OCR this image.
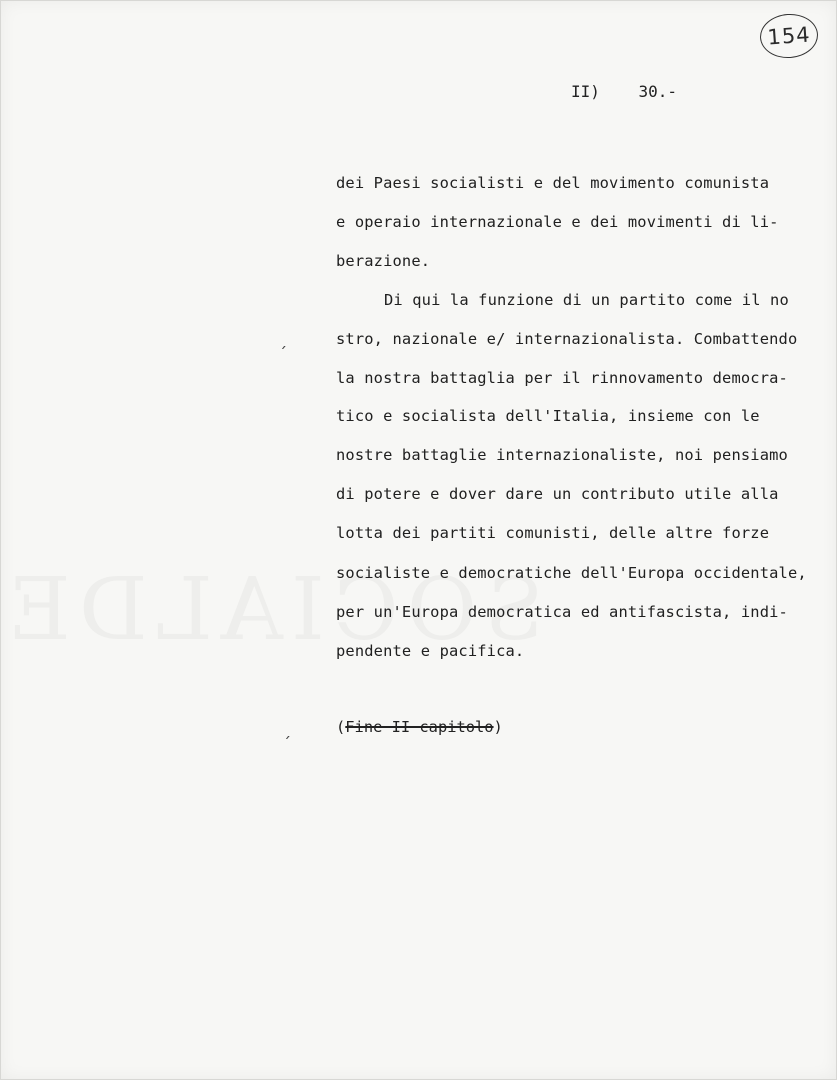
154
II) 30.-
dei Paesi socialisti e del movimento comunista
e operaio internazionale e dei movimenti di li-
berazione.
Di qui la funzione di un partito come il no
ˏ	stro, nazionale e/ internazionalista. Combattendo
la nostra battaglia per il rinnovamento democra-
tico e socialista dell'Italia, insieme con le
nostre battaglie internazionaliste, noi pensiamo
di potere e dover dare un contributo utile alla
lotta dei partiti comunisti, delle altre forze
socialiste e democratiche dell'Europa occidentale,
per un'Europa democratica ed antifascista, indi-
pendente e pacifica.
ˏ	(Fine II capitolo)
